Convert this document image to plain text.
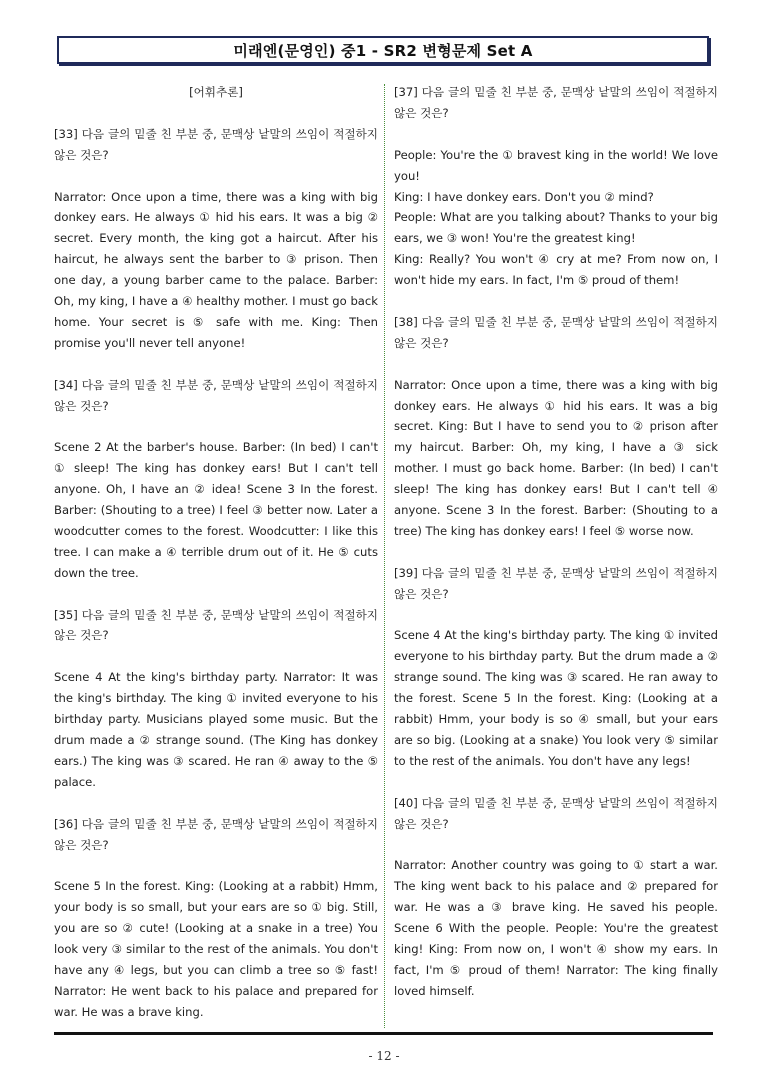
미래엔(문영인) 중1 - SR2 변형문제 Set A
[어휘추론]

[33] 다음 글의 밑줄 친 부분 중, 문맥상 낱말의 쓰임이 적절하지 않은 것은?

Narrator: Once upon a time, there was a king with big donkey ears. He always ① hid his ears. It was a big ② secret. Every month, the king got a haircut. After his haircut, he always sent the barber to ③ prison. Then one day, a young barber came to the palace. Barber: Oh, my king, I have a ④ healthy mother. I must go back home. Your secret is ⑤ safe with me. King: Then promise you'll never tell anyone!

[34] 다음 글의 밑줄 친 부분 중, 문맥상 낱말의 쓰임이 적절하지 않은 것은?

Scene 2 At the barber's house. Barber: (In bed) I can't ① sleep! The king has donkey ears! But I can't tell anyone. Oh, I have an ② idea! Scene 3 In the forest. Barber: (Shouting to a tree) I feel ③ better now. Later a woodcutter comes to the forest. Woodcutter: I like this tree. I can make a ④ terrible drum out of it. He ⑤ cuts down the tree.

[35] 다음 글의 밑줄 친 부분 중, 문맥상 낱말의 쓰임이 적절하지 않은 것은?

Scene 4 At the king's birthday party. Narrator: It was the king's birthday. The king ① invited everyone to his birthday party. Musicians played some music. But the drum made a ② strange sound. (The King has donkey ears.) The king was ③ scared. He ran ④ away to the ⑤ palace.

[36] 다음 글의 밑줄 친 부분 중, 문맥상 낱말의 쓰임이 적절하지 않은 것은?

Scene 5 In the forest. King: (Looking at a rabbit) Hmm, your body is so small, but your ears are so ① big. Still, you are so ② cute! (Looking at a snake in a tree) You look very ③ similar to the rest of the animals. You don't have any ④ legs, but you can climb a tree so ⑤ fast! Narrator: He went back to his palace and prepared for war. He was a brave king.

[37] 다음 글의 밑줄 친 부분 중, 문맥상 낱말의 쓰임이 적절하지 않은 것은?

People: You're the ① bravest king in the world! We love you!
King: I have donkey ears. Don't you ② mind?
People: What are you talking about? Thanks to your big ears, we ③ won! You're the greatest king!
King: Really? You won't ④ cry at me? From now on, I won't hide my ears. In fact, I'm ⑤ proud of them!

[38] 다음 글의 밑줄 친 부분 중, 문맥상 낱말의 쓰임이 적절하지 않은 것은?

Narrator: Once upon a time, there was a king with big donkey ears. He always ① hid his ears. It was a big secret. King: But I have to send you to ② prison after my haircut. Barber: Oh, my king, I have a ③ sick mother. I must go back home. Barber: (In bed) I can't sleep! The king has donkey ears! But I can't tell ④ anyone. Scene 3 In the forest. Barber: (Shouting to a tree) The king has donkey ears! I feel ⑤ worse now.

[39] 다음 글의 밑줄 친 부분 중, 문맥상 낱말의 쓰임이 적절하지 않은 것은?

Scene 4 At the king's birthday party. The king ① invited everyone to his birthday party. But the drum made a ② strange sound. The king was ③ scared. He ran away to the forest. Scene 5 In the forest. King: (Looking at a rabbit) Hmm, your body is so ④ small, but your ears are so big. (Looking at a snake) You look very ⑤ similar to the rest of the animals. You don't have any legs!

[40] 다음 글의 밑줄 친 부분 중, 문맥상 낱말의 쓰임이 적절하지 않은 것은?

Narrator: Another country was going to ① start a war. The king went back to his palace and ② prepared for war. He was a ③ brave king. He saved his people. Scene 6 With the people. People: You're the greatest king! King: From now on, I won't ④ show my ears. In fact, I'm ⑤ proud of them! Narrator: The king finally loved himself.

- 12 -
